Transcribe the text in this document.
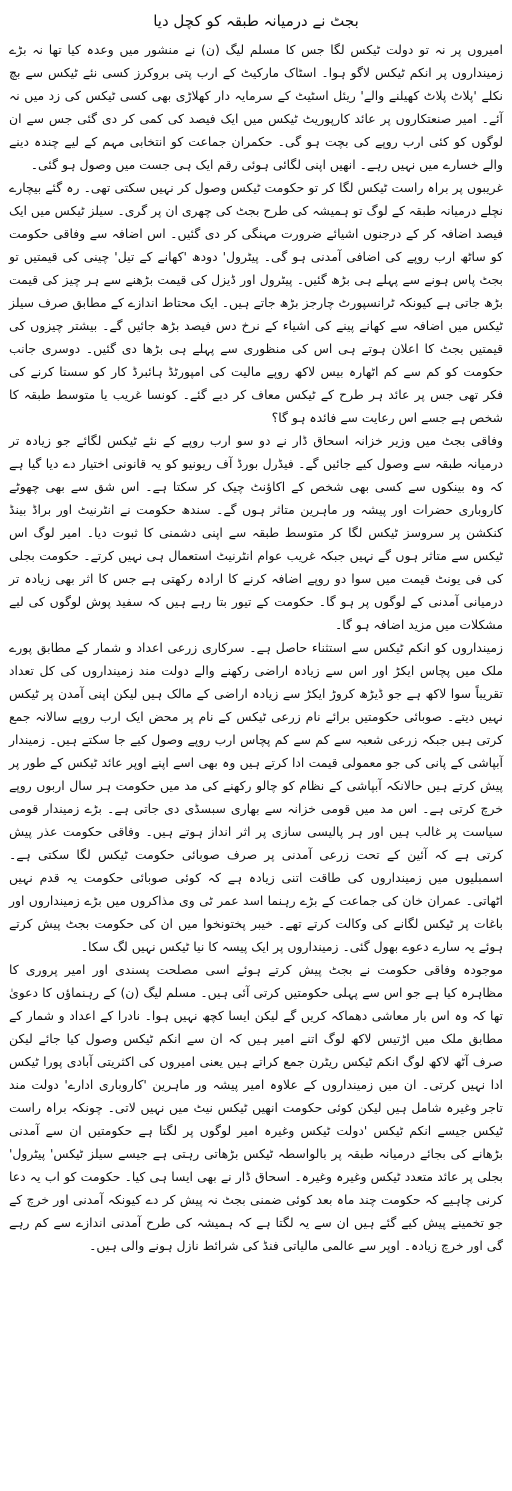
بجٹ نے درمیانہ طبقہ کو کچل دیا

امیروں پر نہ تو دولت ٹیکس لگا جس کا مسلم لیگ (ن) نے منشور میں وعدہ کیا تھا نہ بڑے زمینداروں پر انکم ٹیکس لاگو ہوا۔ اسٹاک مارکیٹ کے ارب پتی بروکرز کسی نئے ٹیکس سے بچ نکلے 'پلاٹ پلاٹ کھیلنے والے' ریئل اسٹیٹ کے سرمایہ دار کھلاڑی بھی کسی ٹیکس کی زد میں نہ آئے۔ امیر صنعتکاروں پر عائد کارپوریٹ ٹیکس میں ایک فیصد کی کمی کر دی گئی جس سے ان لوگوں کو کئی ارب روپے کی بچت ہو گی۔ حکمران جماعت کو انتخابی مہم کے لیے چندہ دینے والے خسارے میں نہیں رہے۔ انھیں اپنی لگائی ہوئی رقم ایک ہی جست میں وصول ہو گئی۔

غریبوں پر براہ راست ٹیکس لگا کر تو حکومت ٹیکس وصول کر نہیں سکتی تھی۔ رہ گئے بیچارے نچلے درمیانہ طبقہ کے لوگ تو ہمیشہ کی طرح بجٹ کی چھری ان پر گری۔ سیلز ٹیکس میں ایک فیصد اضافہ کر کے درجنوں اشیائے ضرورت مہنگی کر دی گئیں۔ اس اضافہ سے وفاقی حکومت کو ساٹھ ارب روپے کی اضافی آمدنی ہو گی۔ پیٹرول' دودھ 'کھانے کے تیل' چینی کی قیمتیں تو بجٹ پاس ہونے سے پہلے ہی بڑھ گئیں۔ پیٹرول اور ڈیزل کی قیمت بڑھنے سے ہر چیز کی قیمت بڑھ جاتی ہے کیونکہ ٹرانسپورٹ چارجز بڑھ جاتے ہیں۔ ایک محتاط اندازے کے مطابق صرف سیلز ٹیکس میں اضافہ سے کھانے پینے کی اشیاء کے نرخ دس فیصد بڑھ جائیں گے۔ بیشتر چیزوں کی قیمتیں بجٹ کا اعلان ہوتے ہی اس کی منظوری سے پہلے ہی بڑھا دی گئیں۔ دوسری جانب حکومت کو کم سے کم اٹھارہ بیس لاکھ روپے مالیت کی امپورٹڈ ہائبرڈ کار کو سستا کرنے کی فکر تھی جس پر عائد ہر طرح کے ٹیکس معاف کر دیے گئے۔ کونسا غریب یا متوسط طبقہ کا شخص ہے جسے اس رعایت سے فائدہ ہو گا؟

وفاقی بجٹ میں وزیر خزانہ اسحاق ڈار نے دو سو ارب روپے کے نئے ٹیکس لگائے جو زیادہ تر درمیانہ طبقہ سے وصول کیے جائیں گے۔ فیڈرل بورڈ آف ریونیو کو یہ قانونی اختیار دے دیا گیا ہے کہ وہ بینکوں سے کسی بھی شخص کے اکاؤنٹ چیک کر سکتا ہے۔ اس شق سے بھی چھوٹے کاروباری حضرات اور پیشہ ور ماہرین متاثر ہوں گے۔ سندھ حکومت نے انٹرنیٹ اور براڈ بینڈ کنکشن پر سروسز ٹیکس لگا کر متوسط طبقہ سے اپنی دشمنی کا ثبوت دیا۔ امیر لوگ اس ٹیکس سے متاثر ہوں گے نہیں جبکہ غریب عوام انٹرنیٹ استعمال ہی نہیں کرتے۔ حکومت بجلی کی فی یونٹ قیمت میں سوا دو روپے اضافہ کرنے کا ارادہ رکھتی ہے جس کا اثر بھی زیادہ تر درمیانی آمدنی کے لوگوں پر ہو گا۔ حکومت کے تیور بتا رہے ہیں کہ سفید پوش لوگوں کی لیے مشکلات میں مزید اضافہ ہو گا۔

زمینداروں کو انکم ٹیکس سے استثناء حاصل ہے۔ سرکاری زرعی اعداد و شمار کے مطابق پورے ملک میں پچاس ایکڑ اور اس سے زیادہ اراضی رکھنے والے دولت مند زمینداروں کی کل تعداد تقریباً سوا لاکھ ہے جو ڈیڑھ کروڑ ایکڑ سے زیادہ اراضی کے مالک ہیں لیکن اپنی آمدن پر ٹیکس نہیں دیتے۔ صوبائی حکومتیں برائے نام زرعی ٹیکس کے نام پر محض ایک ارب روپے سالانہ جمع کرتی ہیں جبکہ زرعی شعبہ سے کم سے کم پچاس ارب روپے وصول کیے جا سکتے ہیں۔ زمیندار آبپاشی کے پانی کی جو معمولی قیمت ادا کرتے ہیں وہ بھی اسے اپنے اوپر عائد ٹیکس کے طور پر پیش کرتے ہیں حالانکہ آبپاشی کے نظام کو چالو رکھنے کی مد میں حکومت ہر سال اربوں روپے خرچ کرتی ہے۔ اس مد میں قومی خزانہ سے بھاری سبسڈی دی جاتی ہے۔ بڑے زمیندار قومی سیاست پر غالب ہیں اور ہر پالیسی سازی پر اثر انداز ہوتے ہیں۔ وفاقی حکومت عذر پیش کرتی ہے کہ آئین کے تحت زرعی آمدنی پر صرف صوبائی حکومت ٹیکس لگا سکتی ہے۔ اسمبلیوں میں زمینداروں کی طاقت اتنی زیادہ ہے کہ کوئی صوبائی حکومت یہ قدم نہیں اٹھاتی۔ عمران خان کی جماعت کے بڑے رہنما اسد عمر ٹی وی مذاکروں میں بڑے زمینداروں اور باغات پر ٹیکس لگانے کی وکالت کرتے تھے۔ خیبر پختونخوا میں ان کی حکومت بجٹ پیش کرتے ہوئے یہ سارے دعوے بھول گئی۔ زمینداروں پر ایک پیسہ کا نیا ٹیکس نہیں لگ سکا۔

موجودہ وفاقی حکومت نے بجٹ پیش کرتے ہوئے اسی مصلحت پسندی اور امیر پروری کا مظاہرہ کیا ہے جو اس سے پہلی حکومتیں کرتی آئی ہیں۔ مسلم لیگ (ن) کے رہنماؤں کا دعویٰ تھا کہ وہ اس بار معاشی دھماکہ کریں گے لیکن ایسا کچھ نہیں ہوا۔ نادرا کے اعداد و شمار کے مطابق ملک میں اڑتیس لاکھ لوگ اتنے امیر ہیں کہ ان سے انکم ٹیکس وصول کیا جائے لیکن صرف آٹھ لاکھ لوگ انکم ٹیکس ریٹرن جمع کراتے ہیں یعنی امیروں کی اکثریتی آبادی پورا ٹیکس ادا نہیں کرتی۔ ان میں زمینداروں کے علاوہ امیر پیشہ ور ماہرین 'کاروباری ادارے' دولت مند تاجر وغیرہ شامل ہیں لیکن کوئی حکومت انھیں ٹیکس نیٹ میں نہیں لاتی۔ چونکہ براہ راست ٹیکس جیسے انکم ٹیکس 'دولت ٹیکس وغیرہ امیر لوگوں پر لگتا ہے حکومتیں ان سے آمدنی بڑھانے کی بجائے درمیانہ طبقہ پر بالواسطہ ٹیکس بڑھاتی رہتی ہے جیسے سیلز ٹیکس' پیٹرول' بجلی پر عائد متعدد ٹیکس وغیرہ وغیرہ۔ اسحاق ڈار نے بھی ایسا ہی کیا۔ حکومت کو اب یہ دعا کرنی چاہیے کہ حکومت چند ماہ بعد کوئی ضمنی بجٹ نہ پیش کر دے کیونکہ آمدنی اور خرچ کے جو تخمینے پیش کیے گئے ہیں ان سے یہ لگتا ہے کہ ہمیشہ کی طرح آمدنی اندازے سے کم رہے گی اور خرچ زیادہ۔ اوپر سے عالمی مالیاتی فنڈ کی شرائط نازل ہونے والی ہیں۔
